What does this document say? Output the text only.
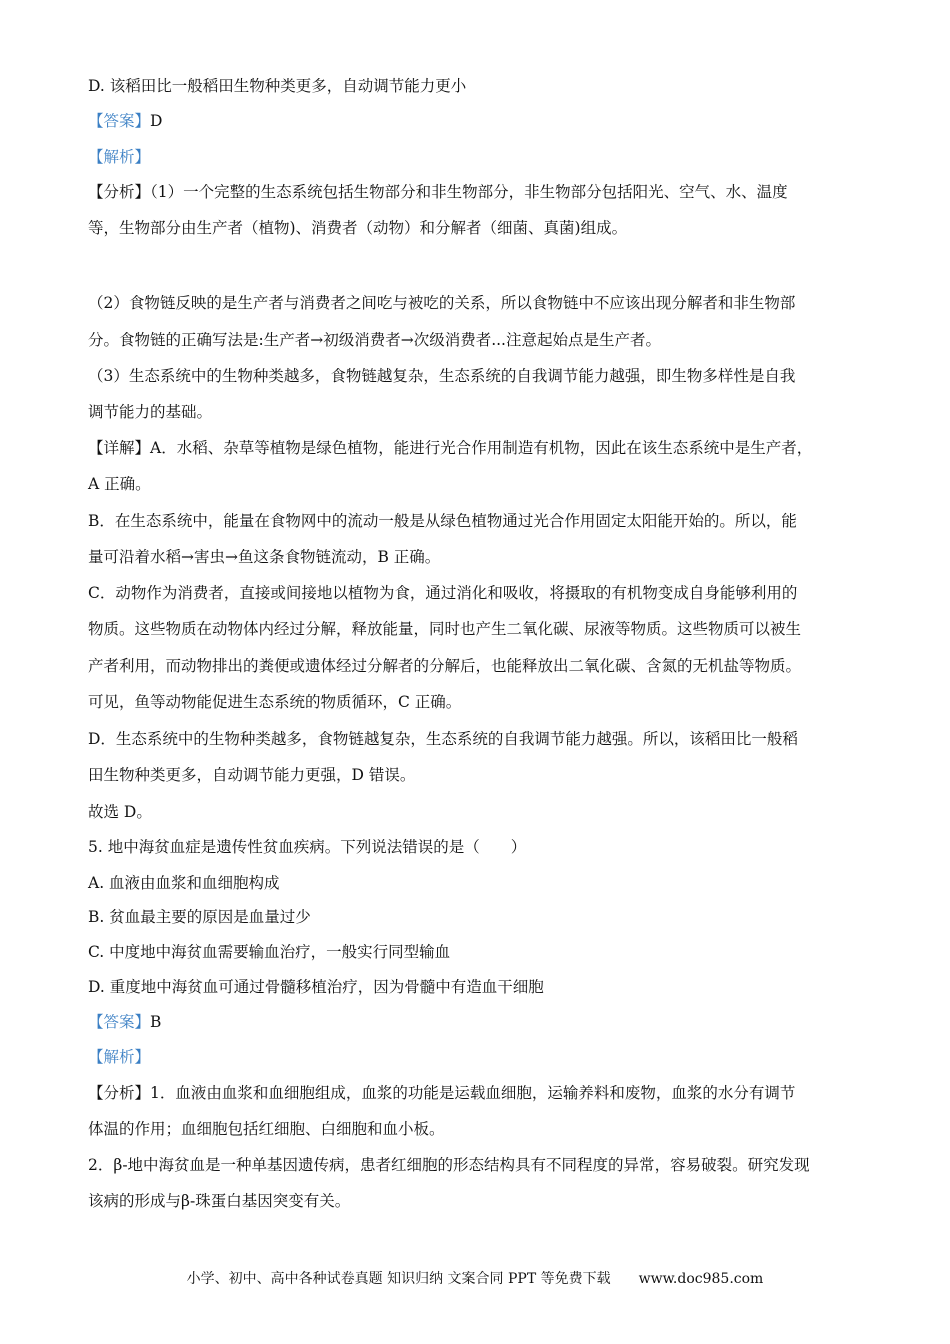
D. 该稻田比一般稻田生物种类更多，自动调节能力更小
【答案】D
【解析】
【分析】（1）一个完整的生态系统包括生物部分和非生物部分，非生物部分包括阳光、空气、水、温度
等，生物部分由生产者（植物)、消费者（动物）和分解者（细菌、真菌)组成。
（2）食物链反映的是生产者与消费者之间吃与被吃的关系，所以食物链中不应该出现分解者和非生物部
分。食物链的正确写法是:生产者→初级消费者→次级消费者...注意起始点是生产者。
（3）生态系统中的生物种类越多，食物链越复杂，生态系统的自我调节能力越强，即生物多样性是自我
调节能力的基础。
【详解】A．水稻、杂草等植物是绿色植物，能进行光合作用制造有机物，因此在该生态系统中是生产者，
A 正确。
B．在生态系统中，能量在食物网中的流动一般是从绿色植物通过光合作用固定太阳能开始的。所以，能
量可沿着水稻→害虫→鱼这条食物链流动，B 正确。
C．动物作为消费者，直接或间接地以植物为食，通过消化和吸收，将摄取的有机物变成自身能够利用的
物质。这些物质在动物体内经过分解，释放能量，同时也产生二氧化碳、尿液等物质。这些物质可以被生
产者利用，而动物排出的粪便或遗体经过分解者的分解后，也能释放出二氧化碳、含氮的无机盐等物质。
可见，鱼等动物能促进生态系统的物质循环，C 正确。
D．生态系统中的生物种类越多，食物链越复杂，生态系统的自我调节能力越强。所以，该稻田比一般稻
田生物种类更多，自动调节能力更强，D 错误。
故选 D。
5. 地中海贫血症是遗传性贫血疾病。下列说法错误的是（　　）
A. 血液由血浆和血细胞构成
B. 贫血最主要的原因是血量过少
C. 中度地中海贫血需要输血治疗，一般实行同型输血
D. 重度地中海贫血可通过骨髓移植治疗，因为骨髓中有造血干细胞
【答案】B
【解析】
【分析】1．血液由血浆和血细胞组成，血浆的功能是运载血细胞，运输养料和废物，血浆的水分有调节
体温的作用；血细胞包括红细胞、白细胞和血小板。
2．β-地中海贫血是一种单基因遗传病，患者红细胞的形态结构具有不同程度的异常，容易破裂。研究发现
该病的形成与β-珠蛋白基因突变有关。
小学、初中、高中各种试卷真题 知识归纳 文案合同 PPT 等免费下载 www.doc985.com
